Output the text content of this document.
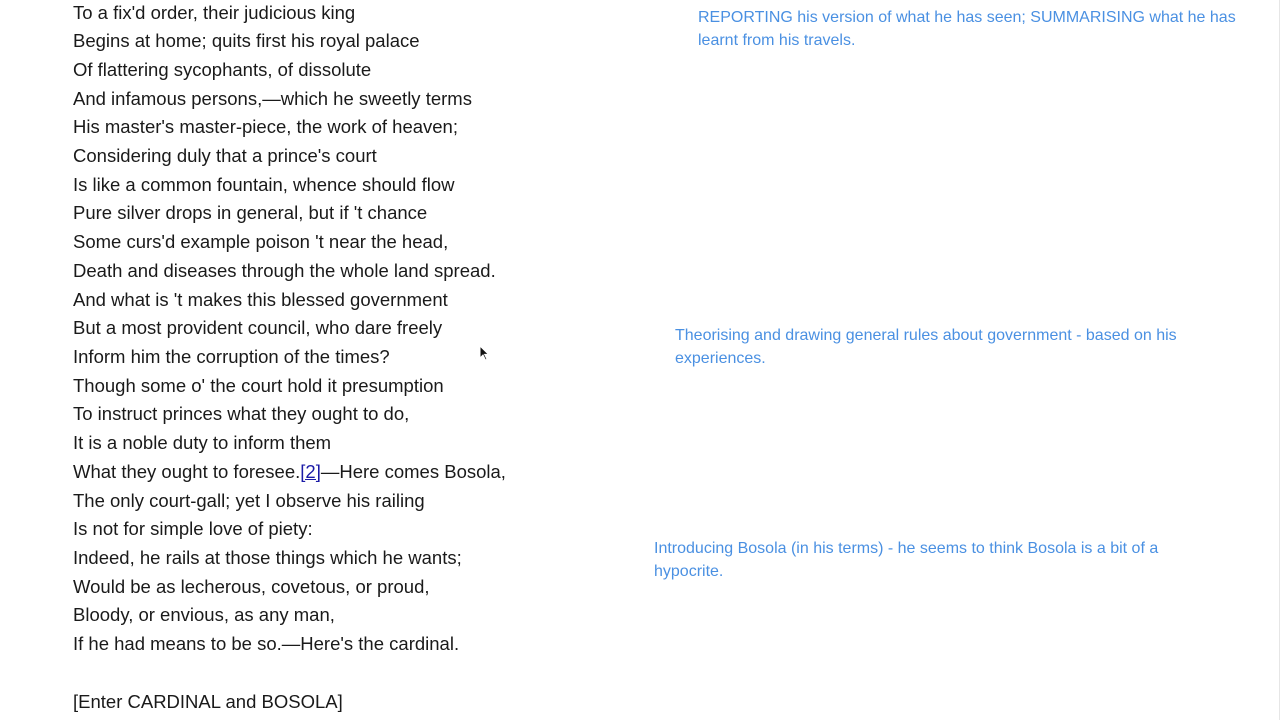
To a fix'd order, their judicious king
Begins at home; quits first his royal palace
Of flattering sycophants, of dissolute
And infamous persons,—which he sweetly terms
His master's master-piece, the work of heaven;
Considering duly that a prince's court
Is like a common fountain, whence should flow
Pure silver drops in general, but if 't chance
Some curs'd example poison 't near the head,
Death and diseases through the whole land spread.
And what is 't makes this blessed government
But a most provident council, who dare freely
Inform him the corruption of the times?
Though some o' the court hold it presumption
To instruct princes what they ought to do,
It is a noble duty to inform them
What they ought to foresee.[2]—Here comes Bosola,
The only court-gall; yet I observe his railing
Is not for simple love of piety:
Indeed, he rails at those things which he wants;
Would be as lecherous, covetous, or proud,
Bloody, or envious, as any man,
If he had means to be so.—Here's the cardinal.
[Enter CARDINAL and BOSOLA]
REPORTING his version of what he has seen; SUMMARISING what he has learnt from his travels.
Theorising and drawing general rules about government - based on his experiences.
Introducing Bosola (in his terms) - he seems to think Bosola is a bit of a hypocrite.
